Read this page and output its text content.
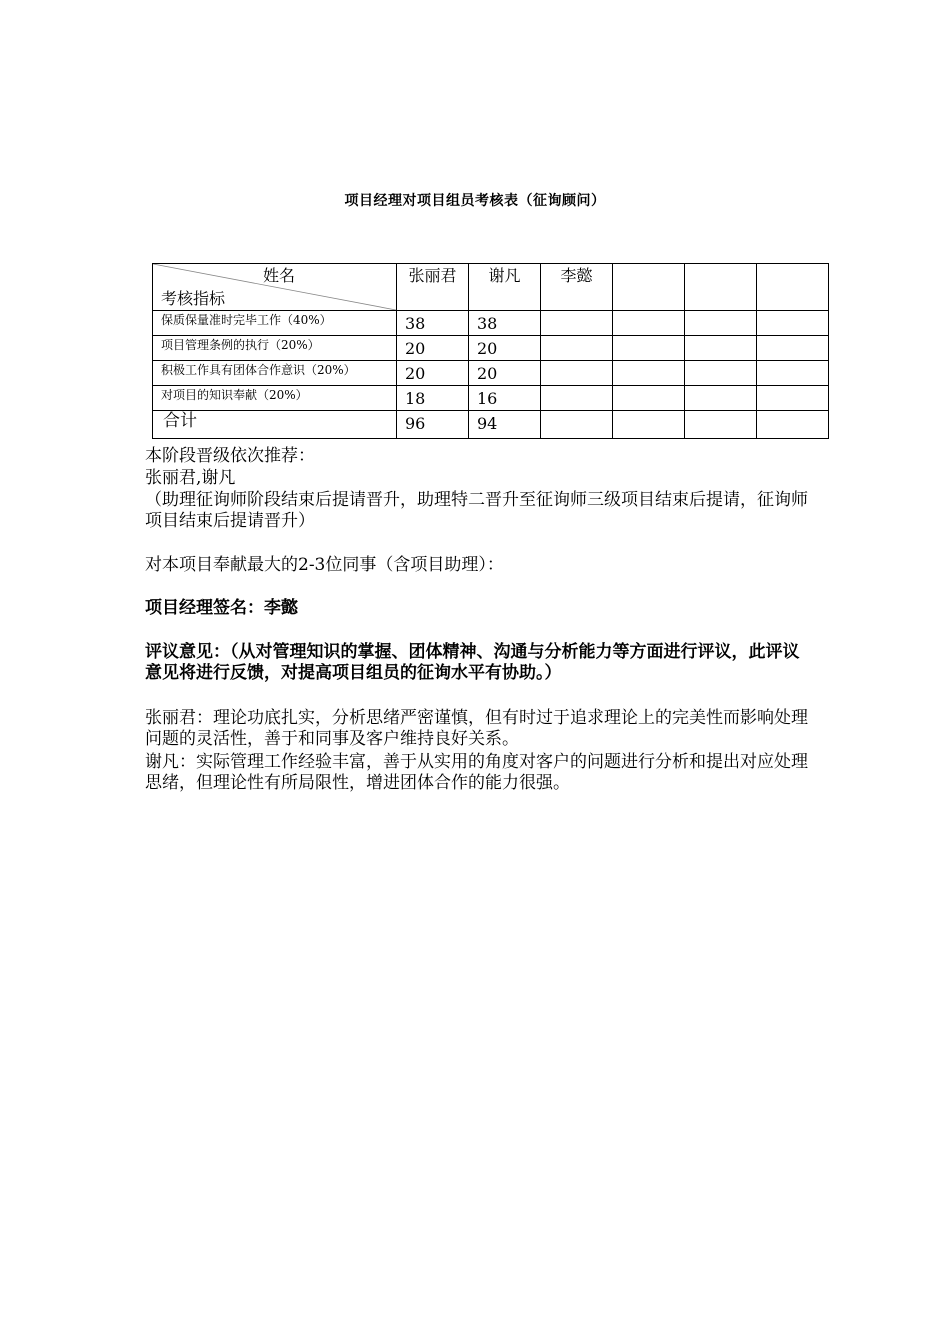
项目经理对项目组员考核表（征询顾问）
姓名
考核指标	张丽君	谢凡	李懿			
保质保量准时完毕工作（40%）	38	38				
项目管理条例的执行（20%）	20	20				
积极工作具有团体合作意识（20%）	20	20				
对项目的知识奉献（20%）	18	16				
合计	96	94				
本阶段晋级依次推荐：
张丽君,谢凡
（助理征询师阶段结束后提请晋升，助理特二晋升至征询师三级项目结束后提请，征询师项目结束后提请晋升）
对本项目奉献最大的2-3位同事（含项目助理）：
项目经理签名：李懿
评议意见：（从对管理知识的掌握、团体精神、沟通与分析能力等方面进行评议，此评议意见将进行反馈，对提高项目组员的征询水平有协助。）
张丽君：理论功底扎实，分析思绪严密谨慎，但有时过于追求理论上的完美性而影响处理问题的灵活性，善于和同事及客户维持良好关系。
谢凡：实际管理工作经验丰富，善于从实用的角度对客户的问题进行分析和提出对应处理思绪，但理论性有所局限性，增进团体合作的能力很强。
